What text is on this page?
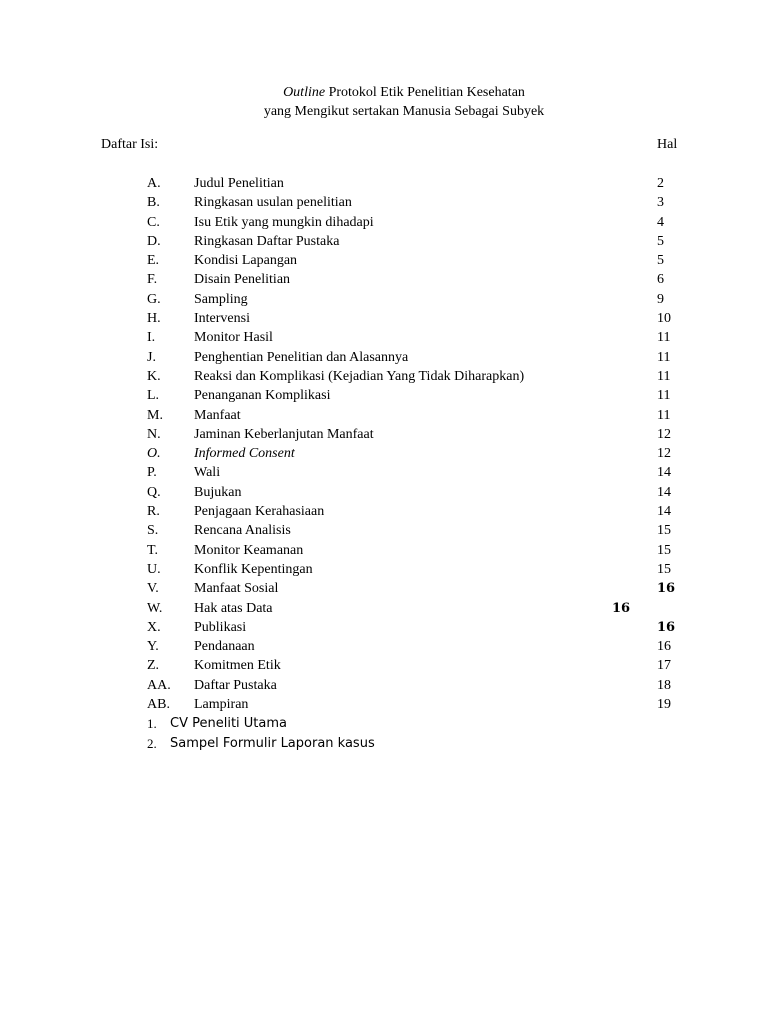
Outline Protokol Etik Penelitian Kesehatan
yang Mengikut sertakan Manusia Sebagai Subyek
Daftar Isi:	Hal
A. Judul Penelitian	2
B. Ringkasan usulan penelitian	3
C. Isu Etik yang mungkin dihadapi	4
D. Ringkasan Daftar Pustaka	5
E. Kondisi Lapangan	5
F.	Disain Penelitian	6
G. Sampling	9
H. Intervensi	10
I.	Monitor Hasil	11
J.	Penghentian Penelitian dan Alasannya	11
K. Reaksi dan Komplikasi (Kejadian Yang Tidak Diharapkan)	11
L. Penanganan Komplikasi	11
M. Manfaat	11
N. Jaminan Keberlanjutan Manfaat	12
O. Informed Consent	12
P.	Wali	14
Q. Bujukan	14
R. Penjagaan Kerahasiaan	14
S.	Rencana Analisis	15
T.	Monitor Keamanan	15
U. Konflik Kepentingan	15
V.	Manfaat Sosial	16
W. Hak atas Data	16
X. Publikasi	16
Y.	Pendanaan	16
Z. Komitmen Etik	17
AA. Daftar Pustaka	18
AB. Lampiran	19
1. CV Peneliti Utama
2. Sampel Formulir Laporan kasus
